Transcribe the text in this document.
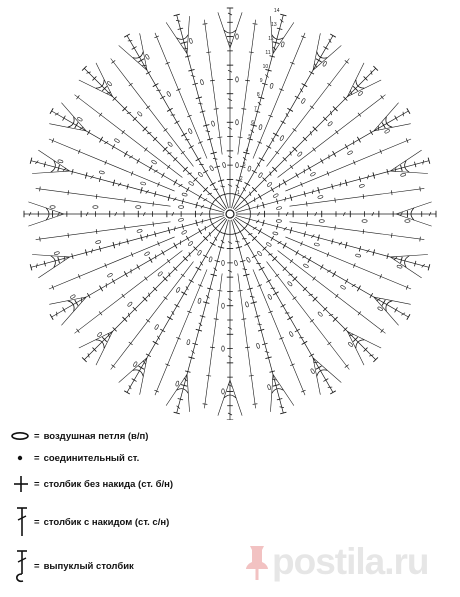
14
13
12
11
10
9
8
7
6
5
4
3
2
1
= воздушная петля (в/п)
= соединительный ст.
= столбик без накида (ст. б/н)
= столбик с накидом (ст. с/н)
= выпуклый столбик	postila.ru
